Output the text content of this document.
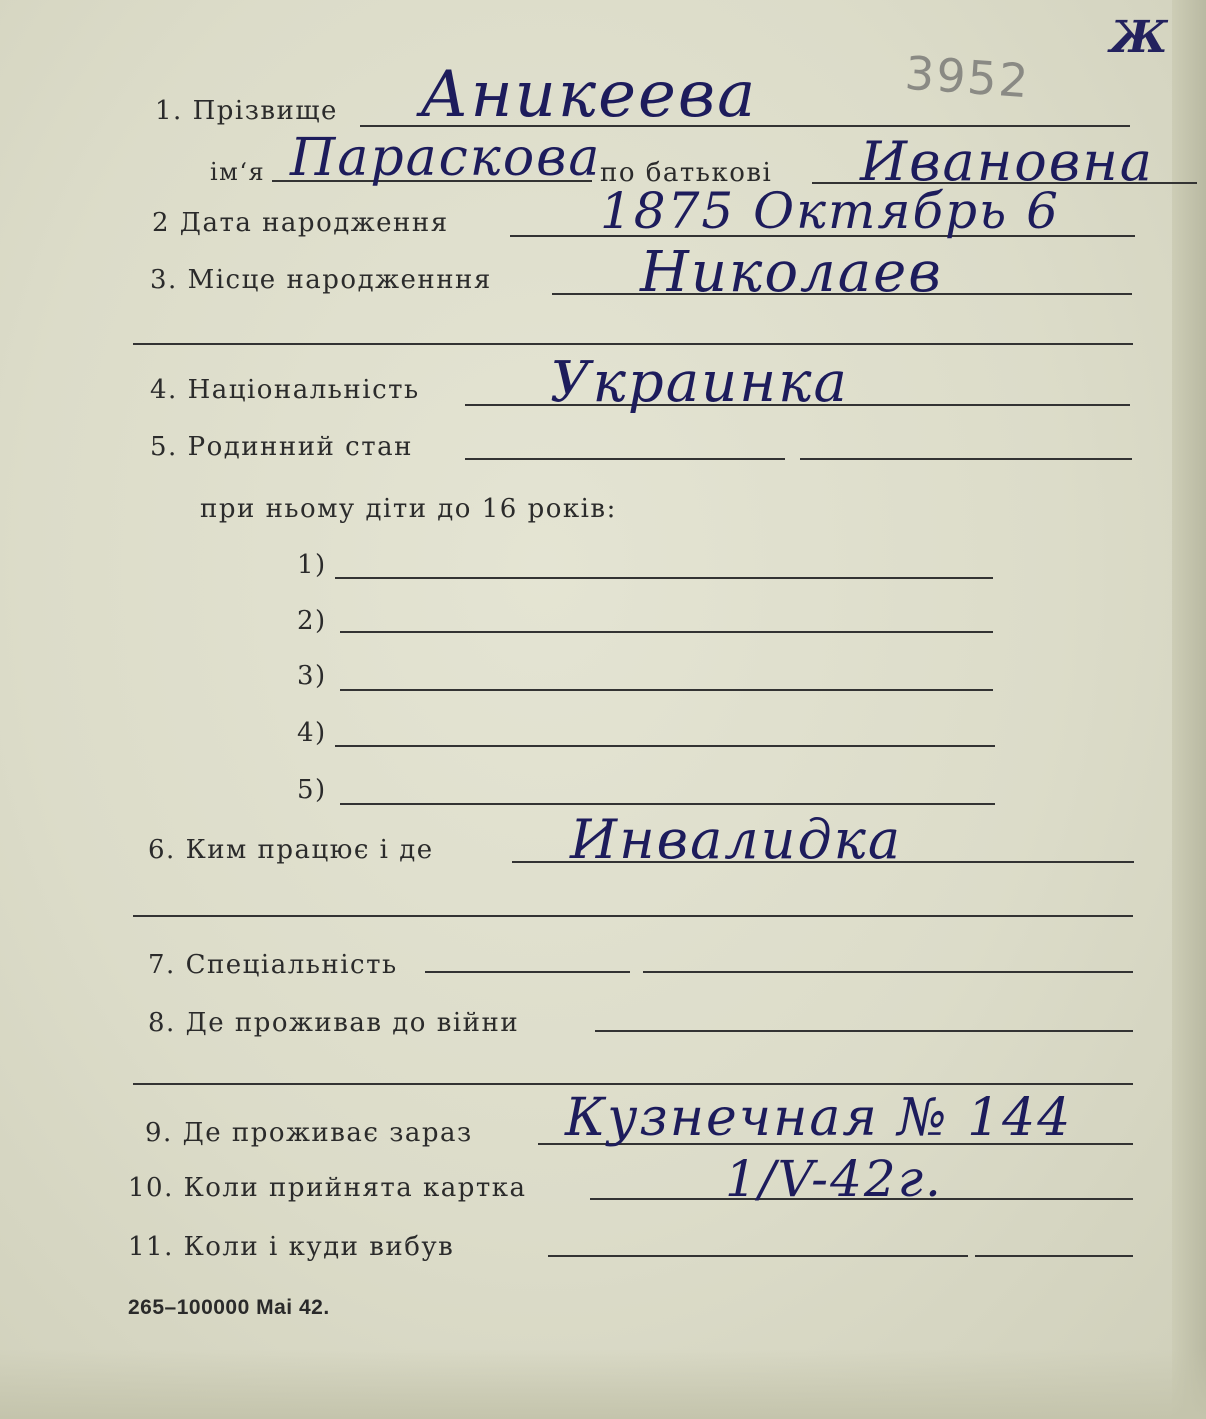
Ж
3952
1. Прізвище Аникеева
ім‘я Параскова
по батькові Ивановна
2 Дата народження	1875 Октябрь 6
3. Місце народженння	Николаев
4. Національність Украинка
5. Родинний стан
при ньому діти до 16 років:
1)
2)
3)
4)
5)
6. Ким працює і де	Инвалидка
7. Спеціальність
8. Де проживав до війни
9. Де проживає зараз Кузнечная № 144
10. Коли прийнята картка	1/V-42г.
11. Коли і куди вибув
265–100000 Mai 42.
